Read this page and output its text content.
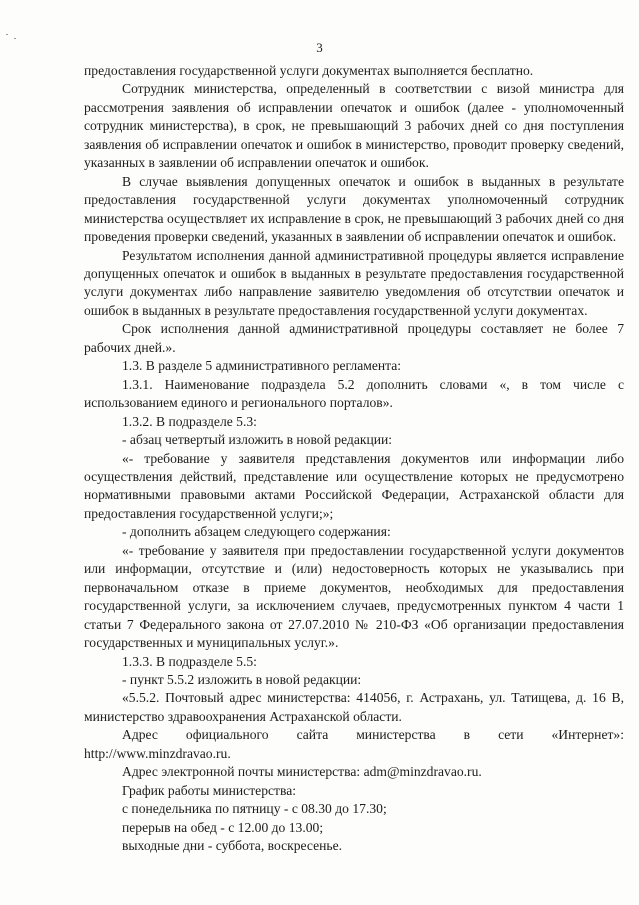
3

предоставления государственной услуги документах выполняется бесплатно.

Сотрудник министерства, определенный в соответствии с визой министра для рассмотрения заявления об исправлении опечаток и ошибок (далее - уполномоченный сотрудник министерства), в срок, не превышающий 3 рабочих дней со дня поступления заявления об исправлении опечаток и ошибок в министерство, проводит проверку сведений, указанных в заявлении об исправлении опечаток и ошибок.

В случае выявления допущенных опечаток и ошибок в выданных в результате предоставления государственной услуги документах уполномоченный сотрудник министерства осуществляет их исправление в срок, не превышающий 3 рабочих дней со дня проведения проверки сведений, указанных в заявлении об исправлении опечаток и ошибок.

Результатом исполнения данной административной процедуры является исправление допущенных опечаток и ошибок в выданных в результате предоставления государственной услуги документах либо направление заявителю уведомления об отсутствии опечаток и ошибок в выданных в результате предоставления государственной услуги документах.

Срок исполнения данной административной процедуры составляет не более 7 рабочих дней.».

1.3. В разделе 5 административного регламента:

1.3.1. Наименование подраздела 5.2 дополнить словами «, в том числе с использованием единого и регионального порталов».

1.3.2. В подразделе 5.3:

- абзац четвертый изложить в новой редакции:

«- требование у заявителя представления документов или информации либо осуществления действий, представление или осуществление которых не предусмотрено нормативными правовыми актами Российской Федерации, Астраханской области для предоставления государственной услуги;»;

- дополнить абзацем следующего содержания:

«- требование у заявителя при предоставлении государственной услуги документов или информации, отсутствие и (или) недостоверность которых не указывались при первоначальном отказе в приеме документов, необходимых для предоставления государственной услуги, за исключением случаев, предусмотренных пунктом 4 части 1 статьи 7 Федерального закона от 27.07.2010 № 210-ФЗ «Об организации предоставления государственных и муниципальных услуг.».

1.3.3. В подразделе 5.5:

- пункт 5.5.2 изложить в новой редакции:

«5.5.2. Почтовый адрес министерства: 414056, г. Астрахань, ул. Татищева, д. 16 В, министерство здравоохранения Астраханской области.

Адрес официального сайта министерства в сети «Интернет»: http://www.minzdravao.ru.

Адрес электронной почты министерства: adm@minzdravao.ru.

График работы министерства:

с понедельника по пятницу - с 08.30 до 17.30;

перерыв на обед - с 12.00 до 13.00;

выходные дни - суббота, воскресенье.
